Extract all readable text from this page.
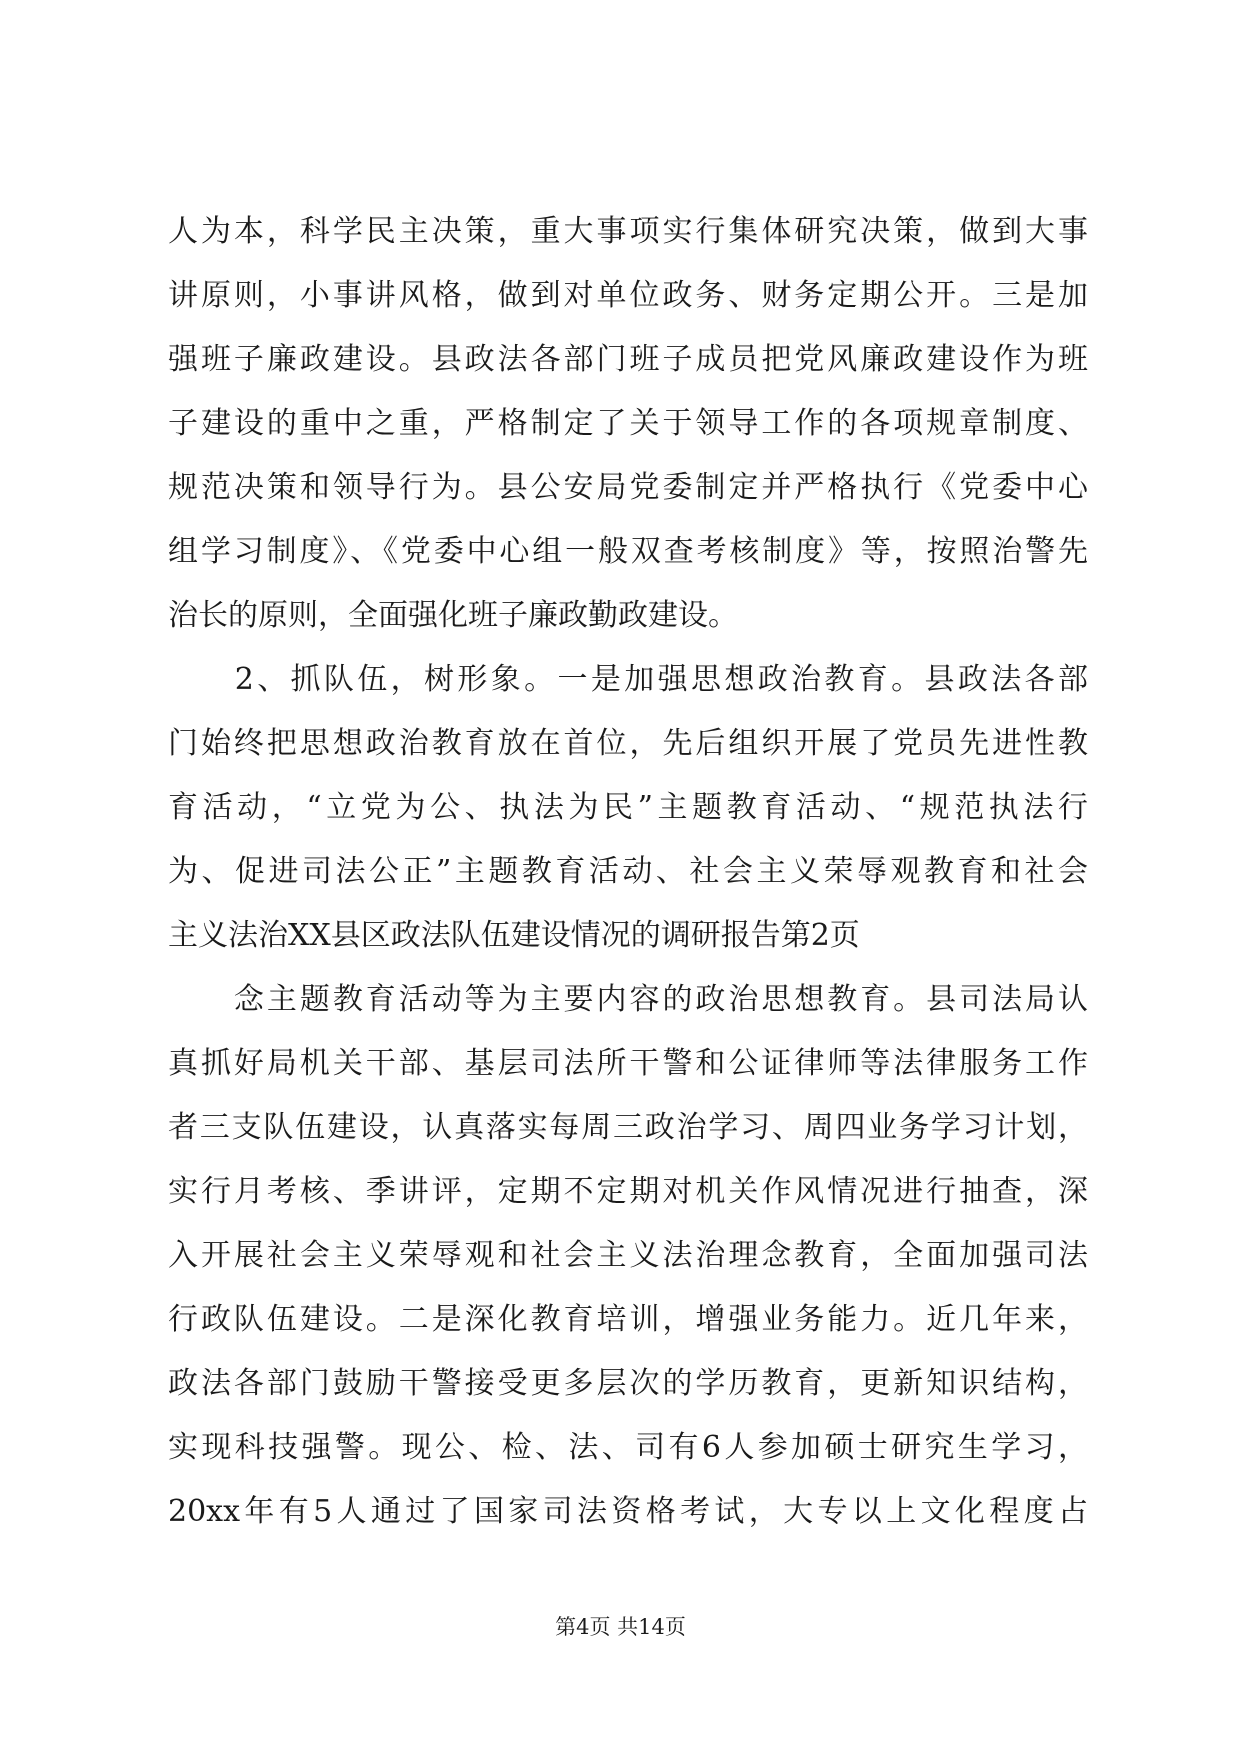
人为本，科学民主决策，重大事项实行集体研究决策，做到大事
讲原则，小事讲风格，做到对单位政务、财务定期公开。三是加
强班子廉政建设。县政法各部门班子成员把党风廉政建设作为班
子建设的重中之重，严格制定了关于领导工作的各项规章制度、
规范决策和领导行为。县公安局党委制定并严格执行《党委中心
组学习制度》、《党委中心组一般双查考核制度》等，按照治警先
治长的原则，全面强化班子廉政勤政建设。
　　2、抓队伍，树形象。一是加强思想政治教育。县政法各部
门始终把思想政治教育放在首位，先后组织开展了党员先进性教
育活动，“立党为公、执法为民”主题教育活动、“规范执法行
为、促进司法公正”主题教育活动、社会主义荣辱观教育和社会
主义法治XX县区政法队伍建设情况的调研报告第2页
　　念主题教育活动等为主要内容的政治思想教育。县司法局认
真抓好局机关干部、基层司法所干警和公证律师等法律服务工作
者三支队伍建设，认真落实每周三政治学习、周四业务学习计划，
实行月考核、季讲评，定期不定期对机关作风情况进行抽查，深
入开展社会主义荣辱观和社会主义法治理念教育，全面加强司法
行政队伍建设。二是深化教育培训，增强业务能力。近几年来，
政法各部门鼓励干警接受更多层次的学历教育，更新知识结构，
实现科技强警。现公、检、法、司有6人参加硕士研究生学习，
20xx年有5人通过了国家司法资格考试，大专以上文化程度占
第4页 共14页
